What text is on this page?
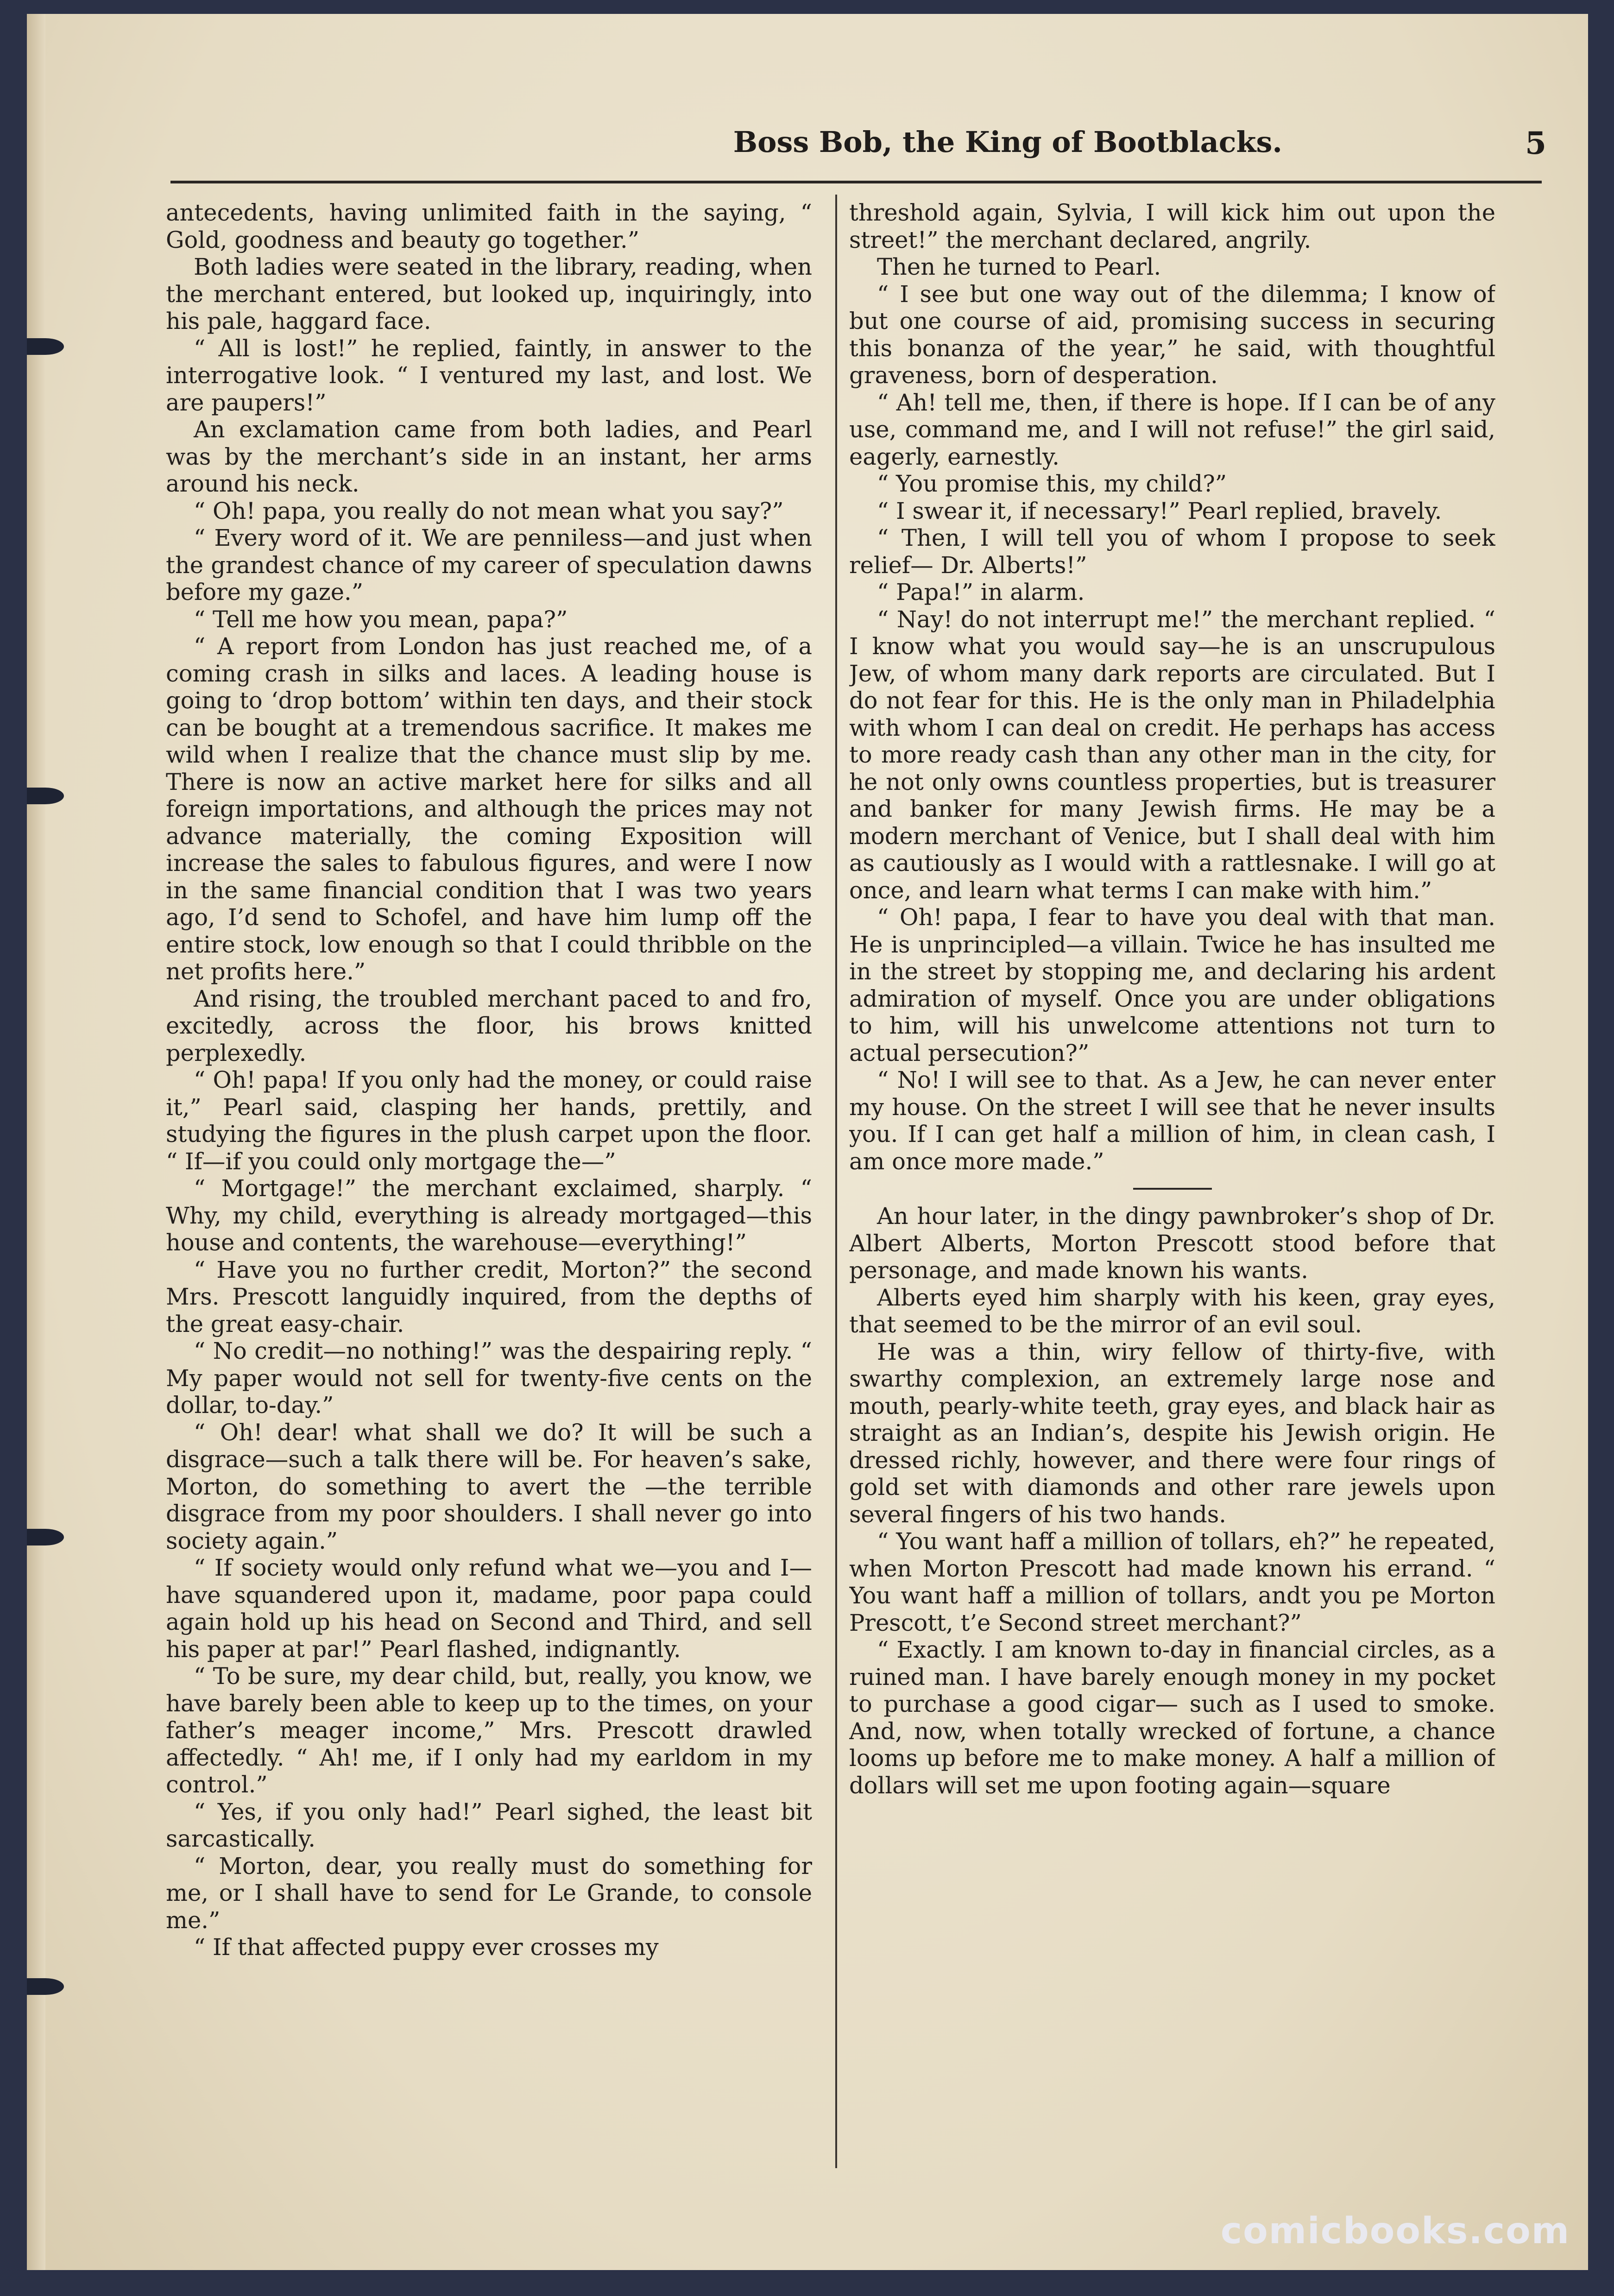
Boss Bob, the King of Bootblacks.	5

antecedents, having unlimited faith in the saying, “ Gold, goodness and beauty go together.”

Both ladies were seated in the library, reading, when the merchant entered, but looked up, inquiringly, into his pale, haggard face.

“ All is lost!” he replied, faintly, in answer to the interrogative look. “ I ventured my last, and lost. We are paupers!”

An exclamation came from both ladies, and Pearl was by the merchant’s side in an instant, her arms around his neck.

“ Oh! papa, you really do not mean what you say?”

“ Every word of it. We are penniless—and just when the grandest chance of my career of speculation dawns before my gaze.”

“ Tell me how you mean, papa?”

“ A report from London has just reached me, of a coming crash in silks and laces. A leading house is going to ‘drop bottom’ within ten days, and their stock can be bought at a tremendous sacrifice. It makes me wild when I realize that the chance must slip by me. There is now an active market here for silks and all foreign importations, and although the prices may not advance materially, the coming Exposition will increase the sales to fabulous figures, and were I now in the same financial condition that I was two years ago, I’d send to Schofel, and have him lump off the entire stock, low enough so that I could thribble on the net profits here.”

And rising, the troubled merchant paced to and fro, excitedly, across the floor, his brows knitted perplexedly.

“ Oh! papa! If you only had the money, or could raise it,” Pearl said, clasping her hands, prettily, and studying the figures in the plush carpet upon the floor. “ If—if you could only mortgage the—”

“ Mortgage!” the merchant exclaimed, sharply. “ Why, my child, everything is already mortgaged—this house and contents, the warehouse—everything!”

“ Have you no further credit, Morton?” the second Mrs. Prescott languidly inquired, from the depths of the great easy-chair.

“ No credit—no nothing!” was the despairing reply. “ My paper would not sell for twenty-five cents on the dollar, to-day.”

“ Oh! dear! what shall we do? It will be such a disgrace—such a talk there will be. For heaven’s sake, Morton, do something to avert the —the terrible disgrace from my poor shoulders. I shall never go into society again.”

“ If society would only refund what we—you and I—have squandered upon it, madame, poor papa could again hold up his head on Second and Third, and sell his paper at par!” Pearl flashed, indignantly.

“ To be sure, my dear child, but, really, you know, we have barely been able to keep up to the times, on your father’s meager income,” Mrs. Prescott drawled affectedly. “ Ah! me, if I only had my earldom in my control.”

“ Yes, if you only had!” Pearl sighed, the least bit sarcastically.

“ Morton, dear, you really must do something for me, or I shall have to send for Le Grande, to console me.”

“ If that affected puppy ever crosses my

threshold again, Sylvia, I will kick him out upon the street!” the merchant declared, angrily.

Then he turned to Pearl.

“ I see but one way out of the dilemma; I know of but one course of aid, promising success in securing this bonanza of the year,” he said, with thoughtful graveness, born of desperation.

“ Ah! tell me, then, if there is hope. If I can be of any use, command me, and I will not refuse!” the girl said, eagerly, earnestly.

“ You promise this, my child?”

“ I swear it, if necessary!” Pearl replied, bravely.

“ Then, I will tell you of whom I propose to seek relief— Dr. Alberts!”

“ Papa!” in alarm.

“ Nay! do not interrupt me!” the merchant replied. “ I know what you would say—he is an unscrupulous Jew, of whom many dark reports are circulated. But I do not fear for this. He is the only man in Philadelphia with whom I can deal on credit. He perhaps has access to more ready cash than any other man in the city, for he not only owns countless properties, but is treasurer and banker for many Jewish firms. He may be a modern merchant of Venice, but I shall deal with him as cautiously as I would with a rattlesnake. I will go at once, and learn what terms I can make with him.”

“ Oh! papa, I fear to have you deal with that man. He is unprincipled—a villain. Twice he has insulted me in the street by stopping me, and declaring his ardent admiration of myself. Once you are under obligations to him, will his unwelcome attentions not turn to actual persecution?”

“ No! I will see to that. As a Jew, he can never enter my house. On the street I will see that he never insults you. If I can get half a million of him, in clean cash, I am once more made.”

An hour later, in the dingy pawnbroker’s shop of Dr. Albert Alberts, Morton Prescott stood before that personage, and made known his wants.

Alberts eyed him sharply with his keen, gray eyes, that seemed to be the mirror of an evil soul.

He was a thin, wiry fellow of thirty-five, with swarthy complexion, an extremely large nose and mouth, pearly-white teeth, gray eyes, and black hair as straight as an Indian’s, despite his Jewish origin. He dressed richly, however, and there were four rings of gold set with diamonds and other rare jewels upon several fingers of his two hands.

“ You want haff a million of tollars, eh?” he repeated, when Morton Prescott had made known his errand. “ You want haff a million of tollars, andt you pe Morton Prescott, t’e Second street merchant?”

“ Exactly. I am known to-day in financial circles, as a ruined man. I have barely enough money in my pocket to purchase a good cigar— such as I used to smoke. And, now, when totally wrecked of fortune, a chance looms up before me to make money. A half a million of dollars will set me upon footing again—square

comicbooks.com
